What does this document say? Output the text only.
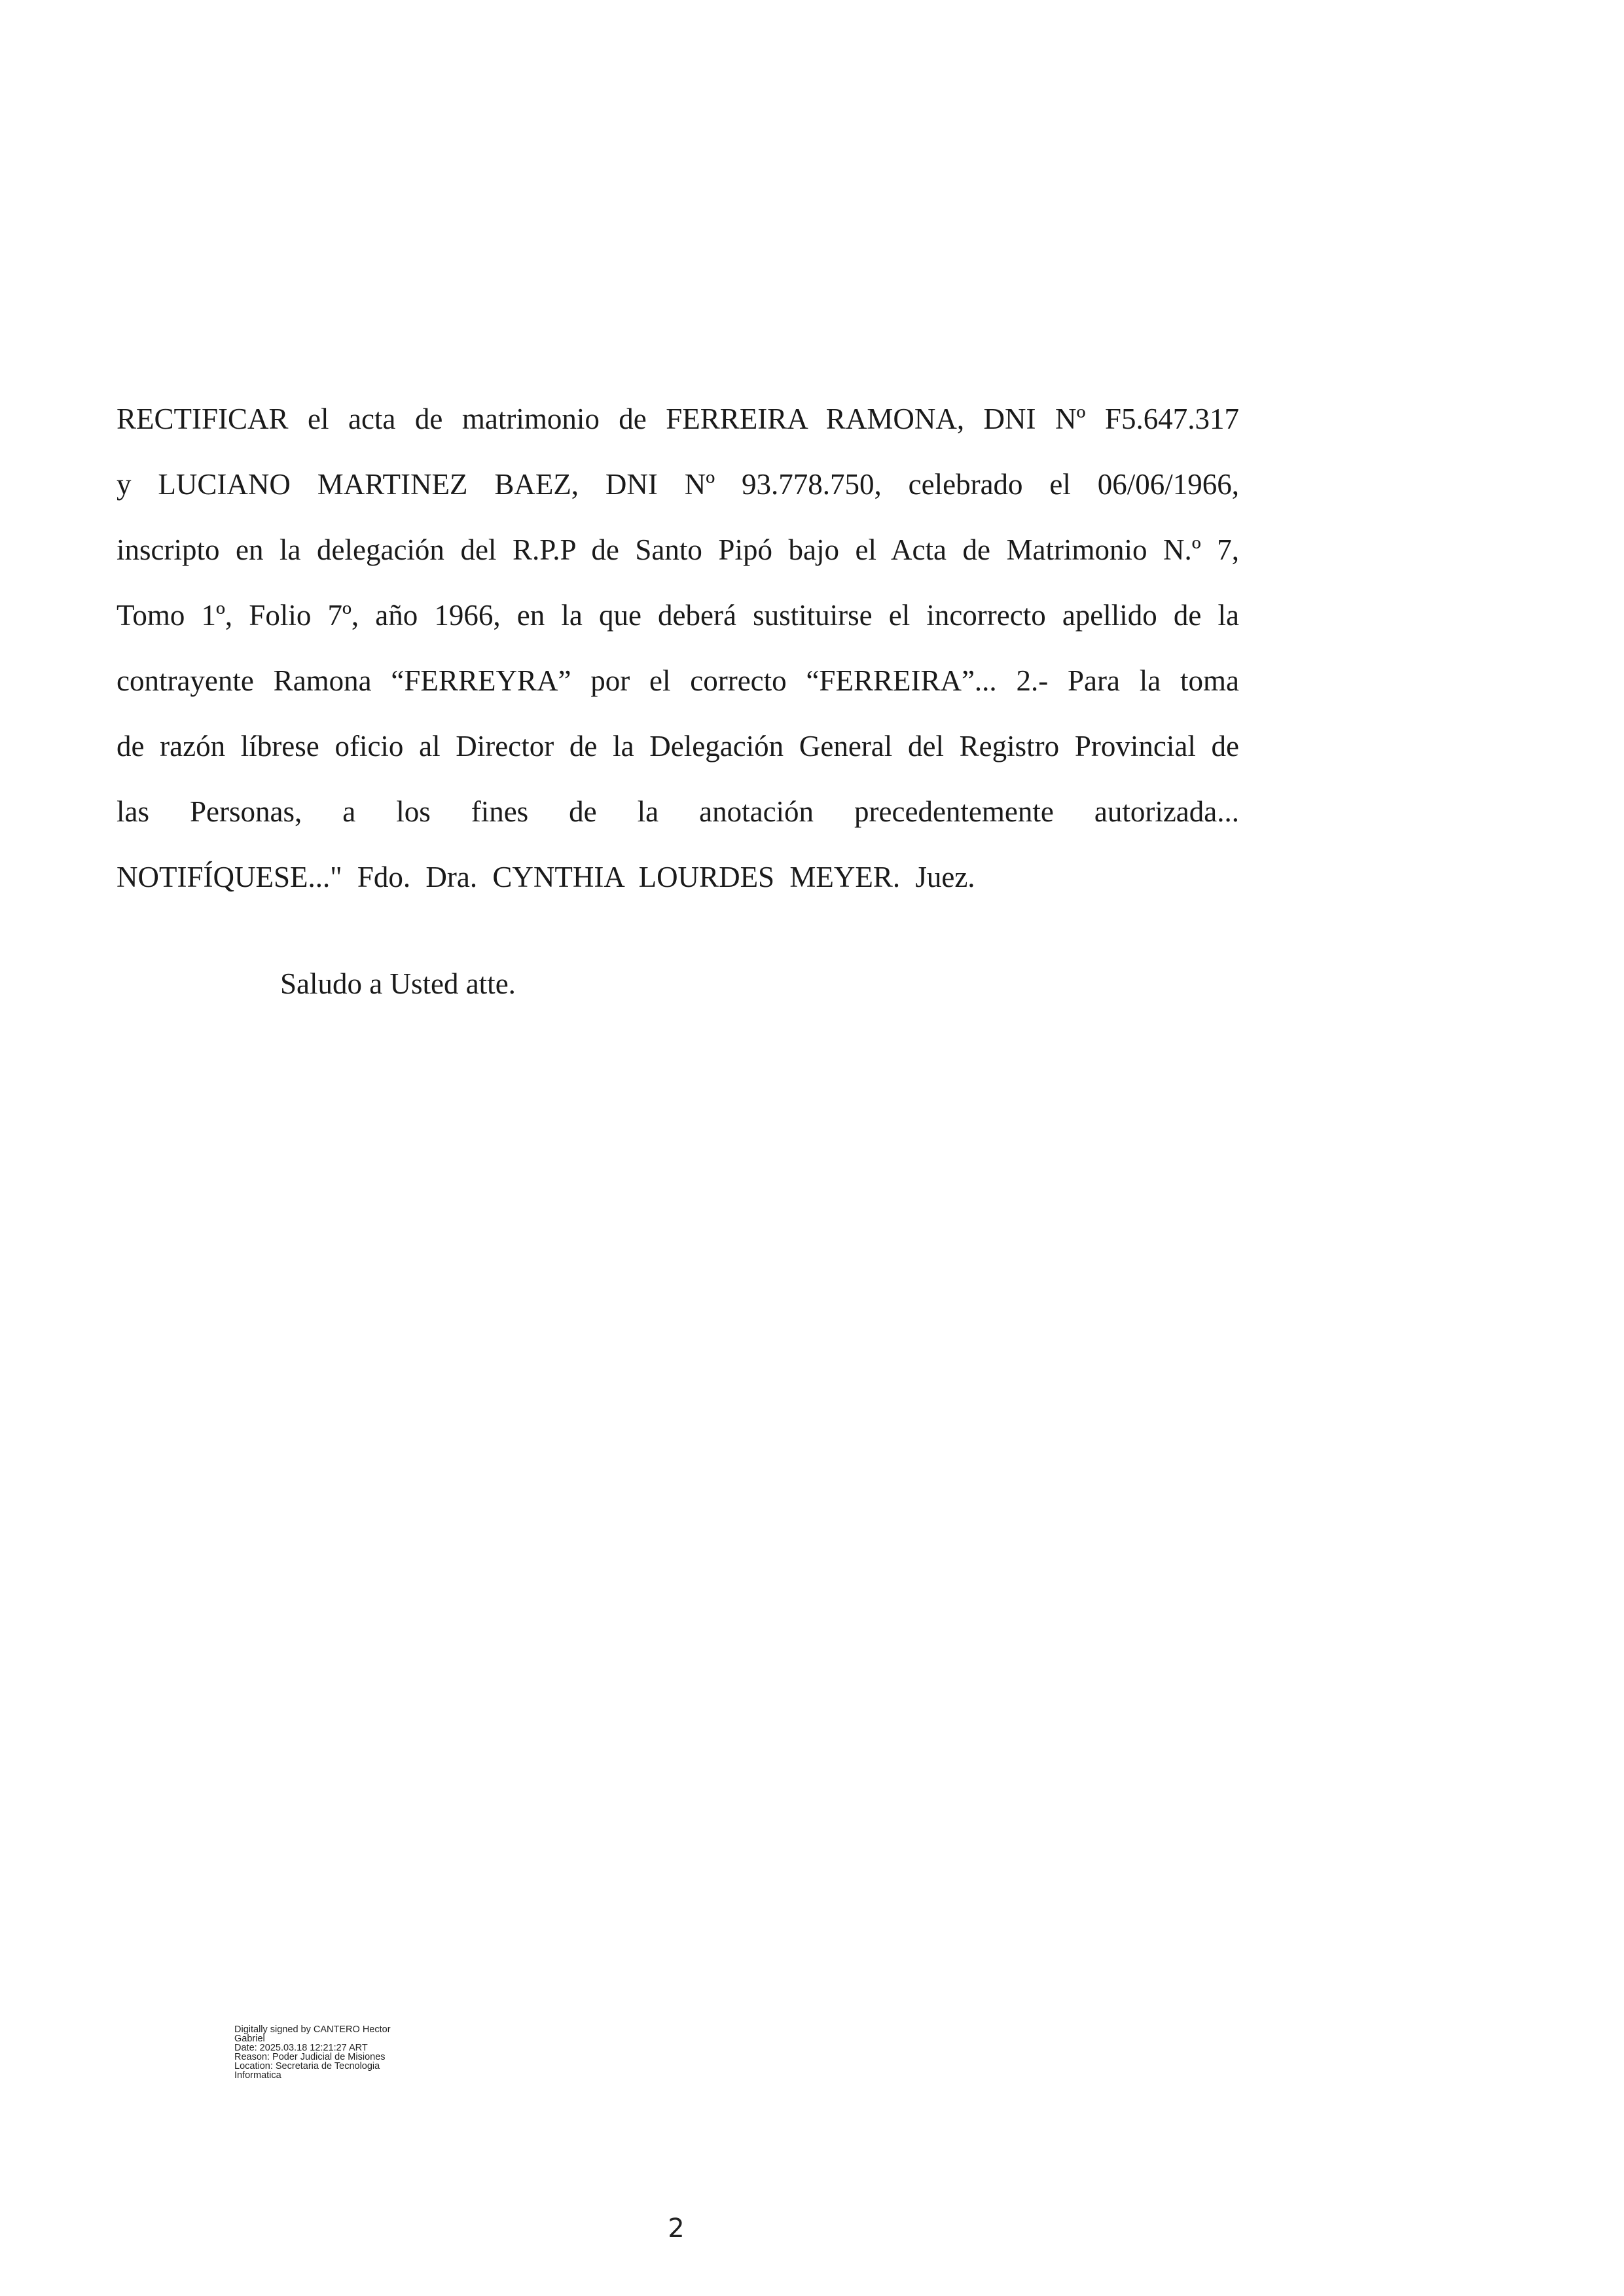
RECTIFICAR el acta de matrimonio de FERREIRA RAMONA, DNI Nº F5.647.317
y LUCIANO MARTINEZ BAEZ, DNI Nº 93.778.750, celebrado el 06/06/1966,
inscripto en la delegación del R.P.P de Santo Pipó bajo el Acta de Matrimonio N.º 7,
Tomo 1º, Folio 7º, año 1966, en la que deberá sustituirse el incorrecto apellido de la
contrayente Ramona “FERREYRA” por el correcto “FERREIRA”... 2.- Para la toma
de razón líbrese oficio al Director de la Delegación General del Registro Provincial de
las Personas, a los fines de la anotación precedentemente autorizada...
NOTIFÍQUESE..." Fdo. Dra. CYNTHIA LOURDES MEYER. Juez.
Saludo a Usted atte.
Digitally signed by CANTERO Hector
Gabriel
Date: 2025.03.18 12:21:27 ART
Reason: Poder Judicial de Misiones
Location: Secretaria de Tecnologia
Informatica
2
